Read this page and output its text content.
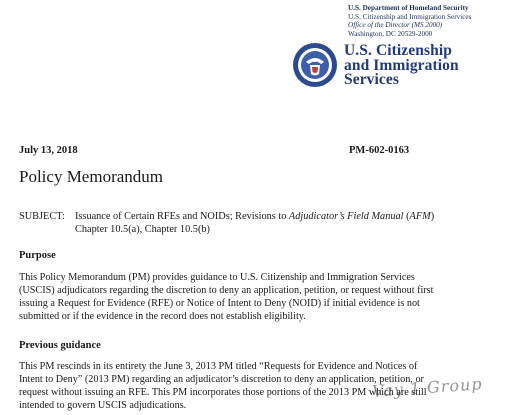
U.S. Department of Homeland Security
U.S. Citizenship and Immigration Services
Office of the Director (MS 2000)
Washington, DC 20529-2000
U.S. Citizenship
and Immigration
Services
July 13, 2018	PM-602-0163
Policy Memorandum
SUBJECT: Issuance of Certain RFEs and NOIDs; Revisions to Adjudicator’s Field Manual (AFM)
Chapter 10.5(a), Chapter 10.5(b)
Purpose
This Policy Memorandum (PM) provides guidance to U.S. Citizenship and Immigration Services
(USCIS) adjudicators regarding the discretion to deny an application, petition, or request without first
issuing a Request for Evidence (RFE) or Notice of Intent to Deny (NOID) if initial evidence is not
submitted or if the evidence in the record does not establish eligibility.
Previous guidance
This PM rescinds in its entirety the June 3, 2013 PM titled “Requests for Evidence and Notices of
Intent to Deny” (2013 PM) regarding an adjudicator’s discretion to deny an application, petition, or
request without issuing an RFE. This PM incorporates those portions of the 2013 PM which are still
intended to govern USCIS adjudications.
Vay 1 Group
